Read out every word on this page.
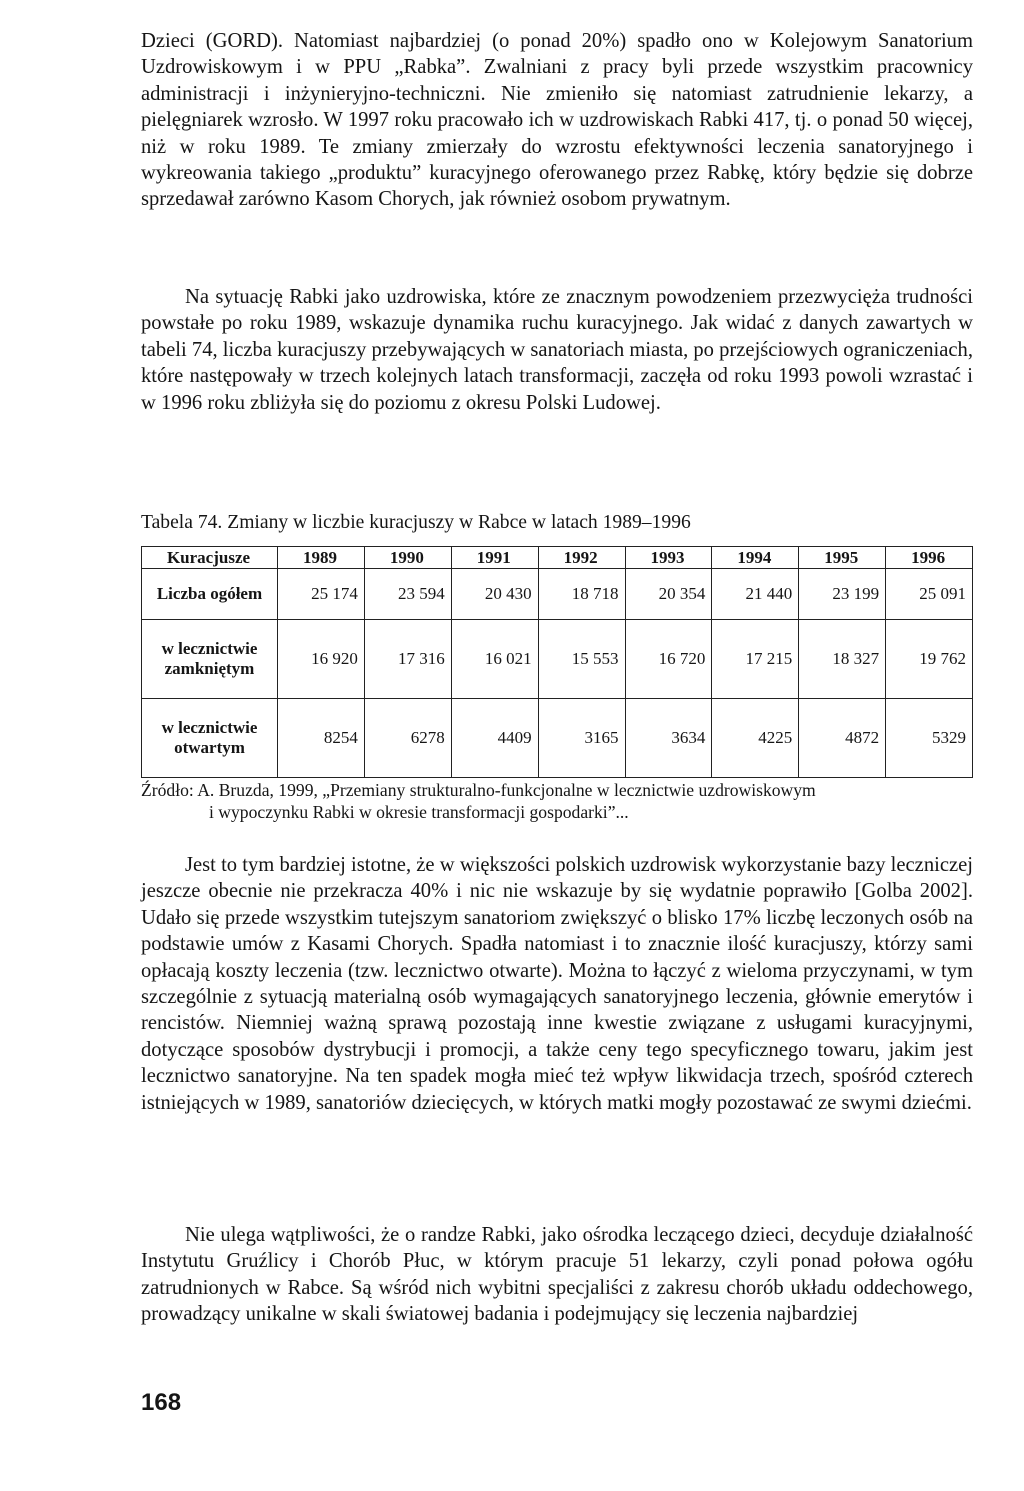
Dzieci (GORD). Natomiast najbardziej (o ponad 20%) spadło ono w Kolejowym Sanatorium Uzdrowiskowym i w PPU „Rabka”. Zwalniani z pracy byli przede wszystkim pracownicy administracji i inżynieryjno-techniczni. Nie zmieniło się natomiast zatrudnienie lekarzy, a pielęgniarek wzrosło. W 1997 roku pracowało ich w uzdrowiskach Rabki 417, tj. o ponad 50 więcej, niż w roku 1989. Te zmiany zmierzały do wzrostu efektywności leczenia sanatoryjnego i wykreowania takiego „produktu” kuracyjnego oferowanego przez Rabkę, który będzie się dobrze sprzedawał zarówno Kasom Chorych, jak również osobom prywatnym.

Na sytuację Rabki jako uzdrowiska, które ze znacznym powodzeniem przezwycięża trudności powstałe po roku 1989, wskazuje dynamika ruchu kuracyjnego. Jak widać z danych zawartych w tabeli 74, liczba kuracjuszy przebywających w sanatoriach miasta, po przejściowych ograniczeniach, które następowały w trzech kolejnych latach transformacji, zaczęła od roku 1993 powoli wzrastać i w 1996 roku zbliżyła się do poziomu z okresu Polski Ludowej.

Tabela 74. Zmiany w liczbie kuracjuszy w Rabce w latach 1989–1996

Kuracjusze	1989	1990	1991	1992	1993	1994	1995	1996
Liczba ogółem	25 174	23 594	20 430	18 718	20 354	21 440	23 199	25 091
w lecznictwie zamkniętym	16 920	17 316	16 021	15 553	16 720	17 215	18 327	19 762
w lecznictwie otwartym	8254	6278	4409	3165	3634	4225	4872	5329

Źródło: A. Bruzda, 1999, „Przemiany strukturalno-funkcjonalne w lecznictwie uzdrowiskowym
i wypoczynku Rabki w okresie transformacji gospodarki”...

Jest to tym bardziej istotne, że w większości polskich uzdrowisk wykorzystanie bazy leczniczej jeszcze obecnie nie przekracza 40% i nic nie wskazuje by się wydatnie poprawiło [Golba 2002]. Udało się przede wszystkim tutejszym sanatoriom zwiększyć o blisko 17% liczbę leczonych osób na podstawie umów z Kasami Chorych. Spadła natomiast i to znacznie ilość kuracjuszy, którzy sami opłacają koszty leczenia (tzw. lecznictwo otwarte). Można to łączyć z wieloma przyczynami, w tym szczególnie z sytuacją materialną osób wymagających sanatoryjnego leczenia, głównie emerytów i rencistów. Niemniej ważną sprawą pozostają inne kwestie związane z usługami kuracyjnymi, dotyczące sposobów dystrybucji i promocji, a także ceny tego specyficznego towaru, jakim jest lecznictwo sanatoryjne. Na ten spadek mogła mieć też wpływ likwidacja trzech, spośród czterech istniejących w 1989, sanatoriów dziecięcych, w których matki mogły pozostawać ze swymi dziećmi.

Nie ulega wątpliwości, że o randze Rabki, jako ośrodka leczącego dzieci, decyduje działalność Instytutu Gruźlicy i Chorób Płuc, w którym pracuje 51 lekarzy, czyli ponad połowa ogółu zatrudnionych w Rabce. Są wśród nich wybitni specjaliści z zakresu chorób układu oddechowego, prowadzący unikalne w skali światowej badania i podejmujący się leczenia najbardziej

168
